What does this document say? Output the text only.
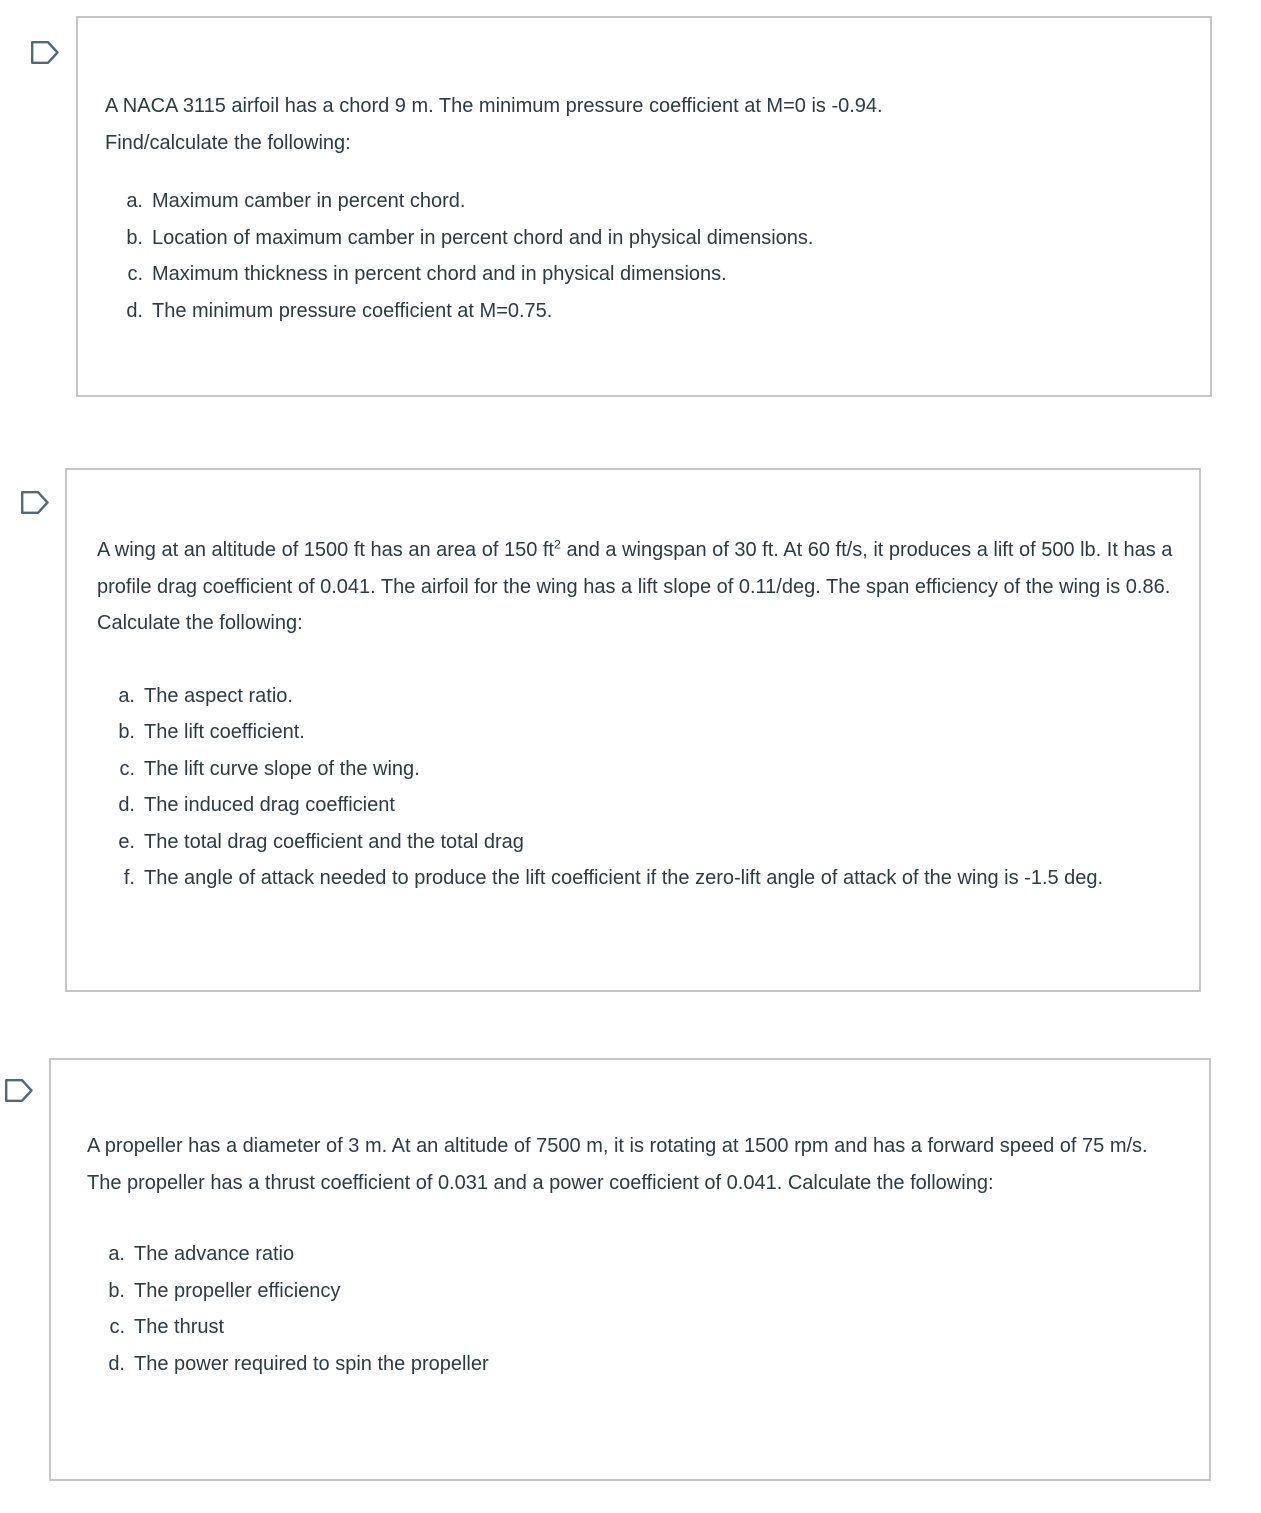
A NACA 3115 airfoil has a chord 9 m. The minimum pressure coefficient at M=0 is -0.94.
Find/calculate the following:

a. Maximum camber in percent chord.
b. Location of maximum camber in percent chord and in physical dimensions.
c. Maximum thickness in percent chord and in physical dimensions.
d. The minimum pressure coefficient at M=0.75.

A wing at an altitude of 1500 ft has an area of 150 $ft^2$ and a wingspan of 30 ft. At 60 ft/s, it produces a lift of 500 lb. It has a profile drag coefficient of 0.041. The airfoil for the wing has a lift slope of 0.11/deg. The span efficiency of the wing is 0.86. Calculate the following:

a. The aspect ratio.
b. The lift coefficient.
c. The lift curve slope of the wing.
d. The induced drag coefficient
e. The total drag coefficient and the total drag
f. The angle of attack needed to produce the lift coefficient if the zero-lift angle of attack of the wing is -1.5 deg.

A propeller has a diameter of 3 m. At an altitude of 7500 m, it is rotating at 1500 rpm and has a forward speed of 75 m/s. The propeller has a thrust coefficient of 0.031 and a power coefficient of 0.041. Calculate the following:

a. The advance ratio
b. The propeller efficiency
c. The thrust
d. The power required to spin the propeller
